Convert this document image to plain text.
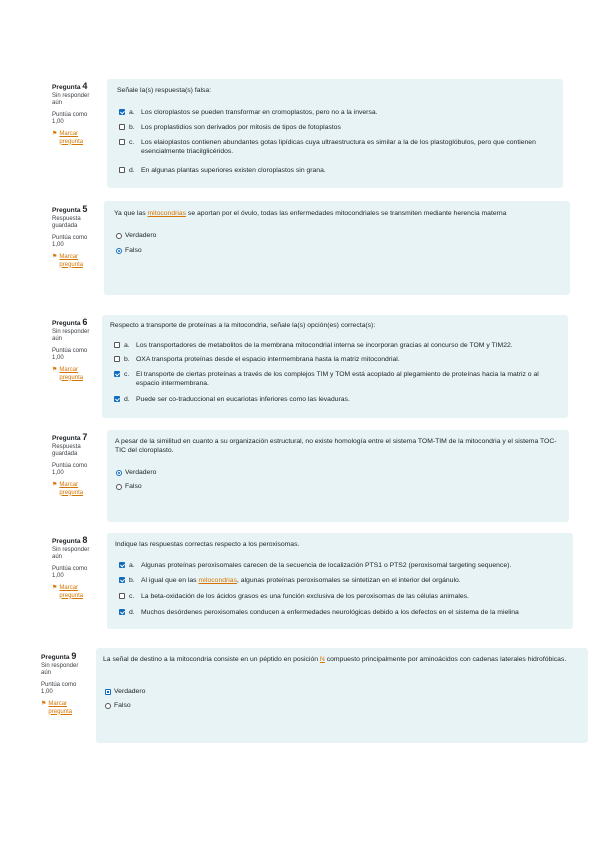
Pregunta 4
Sin responder aún
Puntúa como 1,00
⚑ Marcar pregunta
Señale la(s) respuesta(s) falsa:
a. Los cloroplastos se pueden transformar en cromoplastos, pero no a la inversa.
b. Los proplastidios son derivados por mitosis de tipos de fotoplastos
c. Los elaioplastos contienen abundantes gotas lipídicas cuya ultraestructura es similar a la de los plastoglóbulos, pero que contienen esencialmente triacilglicéridos.
d. En algunas plantas superiores existen cloroplastos sin grana.
Pregunta 5
Respuesta guardada
Puntúa como 1,00
⚑ Marcar pregunta
Ya que las mitocondrias se aportan por el óvulo, todas las enfermedades mitocondriales se transmiten mediante herencia materna
Verdadero
Falso
Pregunta 6
Sin responder aún
Puntúa como 1,00
⚑ Marcar pregunta
Respecto a transporte de proteínas a la mitocondria, señale la(s) opción(es) correcta(s):
a. Los transportadores de metabolitos de la membrana mitocondrial interna se incorporan gracias al concurso de TOM y TIM22.
b. OXA transporta proteínas desde el espacio intermembrana hasta la matriz mitocondrial.
c. El transporte de ciertas proteínas a través de los complejos TIM y TOM está acoplado al plegamiento de proteínas hacia la matriz o al espacio intermembrana.
d. Puede ser co-traduccional en eucariotas inferiores como las levaduras.
Pregunta 7
Respuesta guardada
Puntúa como 1,00
⚑ Marcar pregunta
A pesar de la similitud en cuanto a su organización estructural, no existe homología entre el sistema TOM-TIM de la mitocondria y el sistema TOC-TIC del cloroplasto.
Verdadero
Falso
Pregunta 8
Sin responder aún
Puntúa como 1,00
⚑ Marcar pregunta
Indique las respuestas correctas respecto a los peroxisomas.
a. Algunas proteínas peroxisomales carecen de la secuencia de localización PTS1 o PTS2 (peroxisomal targeting sequence).
b. Al igual que en las mitocondrias, algunas proteínas peroxisomales se sintetizan en el interior del orgánulo.
c. La beta-oxidación de los ácidos grasos es una función exclusiva de los peroxisomas de las células animales.
d. Muchos desórdenes peroxisomales conducen a enfermedades neurológicas debido a los defectos en el sistema de la mielina
Pregunta 9
Sin responder aún
Puntúa como 1,00
⚑ Marcar pregunta
La señal de destino a la mitocondria consiste en un péptido en posición N compuesto principalmente por aminoácidos con cadenas laterales hidrofóbicas.
Verdadero
Falso
